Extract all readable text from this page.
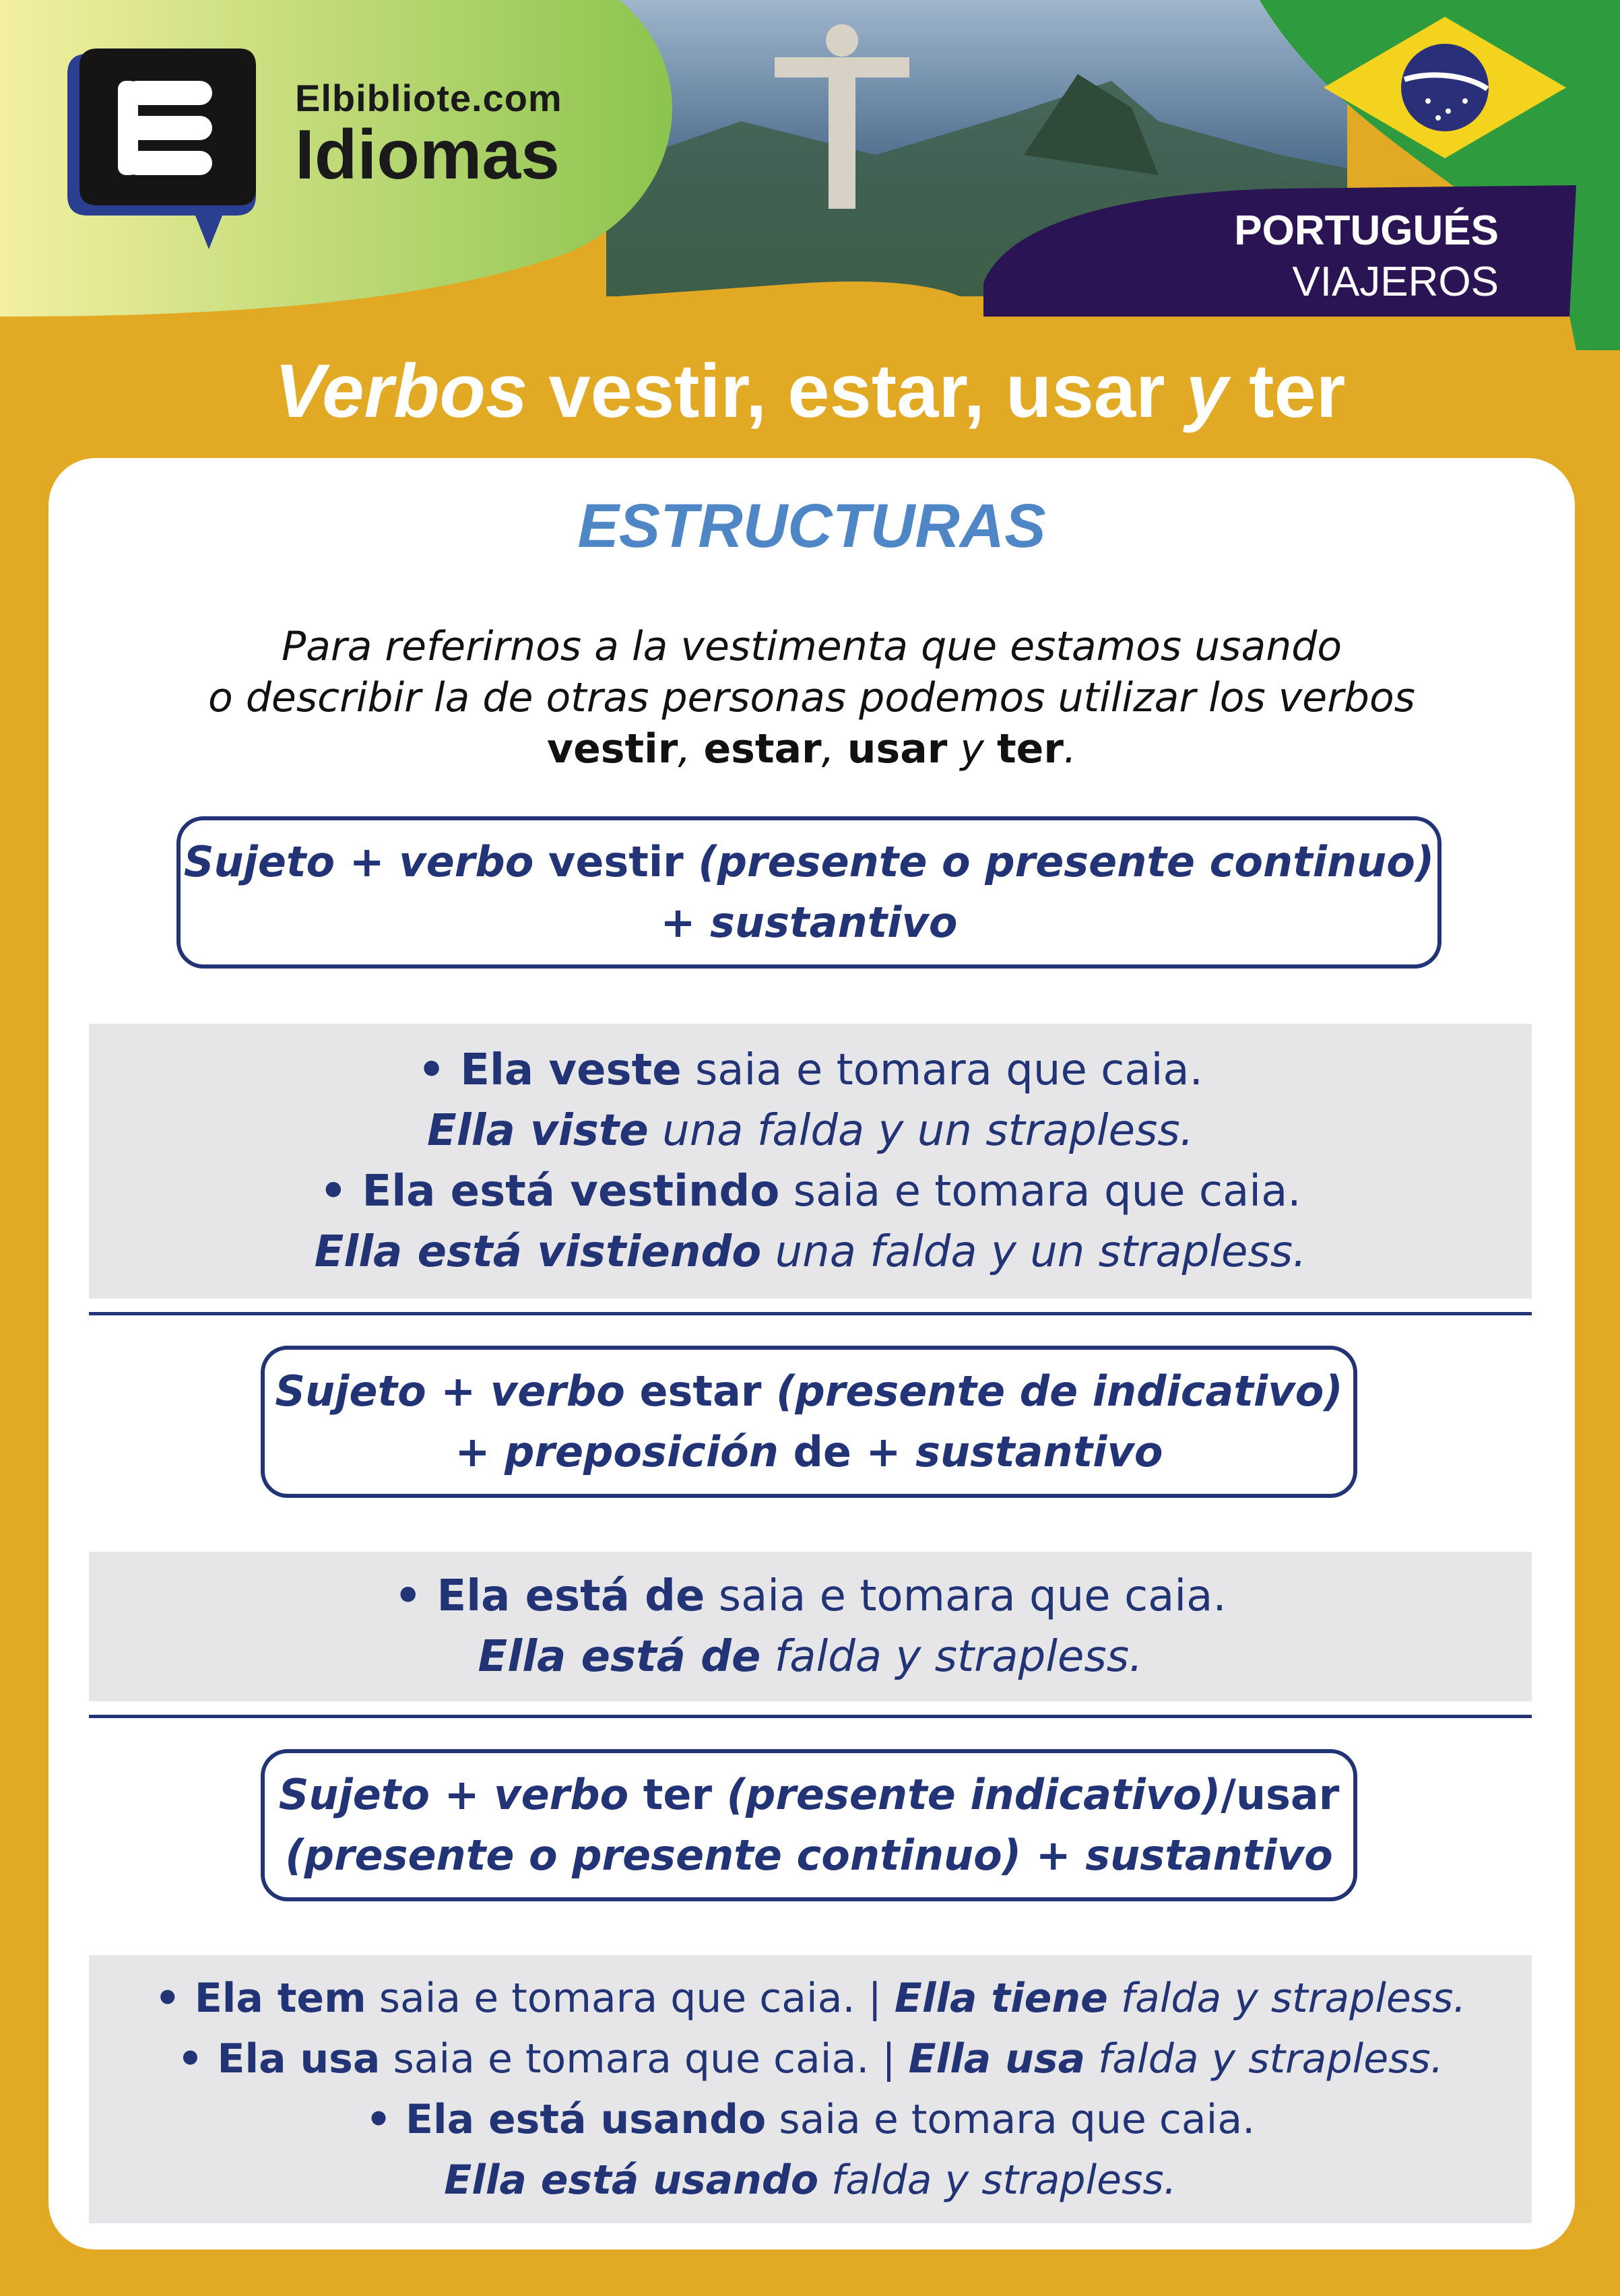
Elbibliote.com
Idiomas
PORTUGUÉS
VIAJEROS
Verbos vestir, estar, usar y ter
ESTRUCTURAS
Para referirnos a la vestimenta que estamos usando
o describir la de otras personas podemos utilizar los verbos
vestir, estar, usar y ter.
Sujeto + verbo vestir (presente o presente continuo)
+ sustantivo
• Ela veste saia e tomara que caia.
Ella viste una falda y un strapless.
• Ela está vestindo saia e tomara que caia.
Ella está vistiendo una falda y un strapless.
Sujeto + verbo estar (presente de indicativo)
+ preposición de + sustantivo
• Ela está de saia e tomara que caia.
Ella está de falda y strapless.
Sujeto + verbo ter (presente indicativo)/usar
(presente o presente continuo) + sustantivo
• Ela tem saia e tomara que caia. | Ella tiene falda y strapless.
• Ela usa saia e tomara que caia. | Ella usa falda y strapless.
• Ela está usando saia e tomara que caia.
Ella está usando falda y strapless.
